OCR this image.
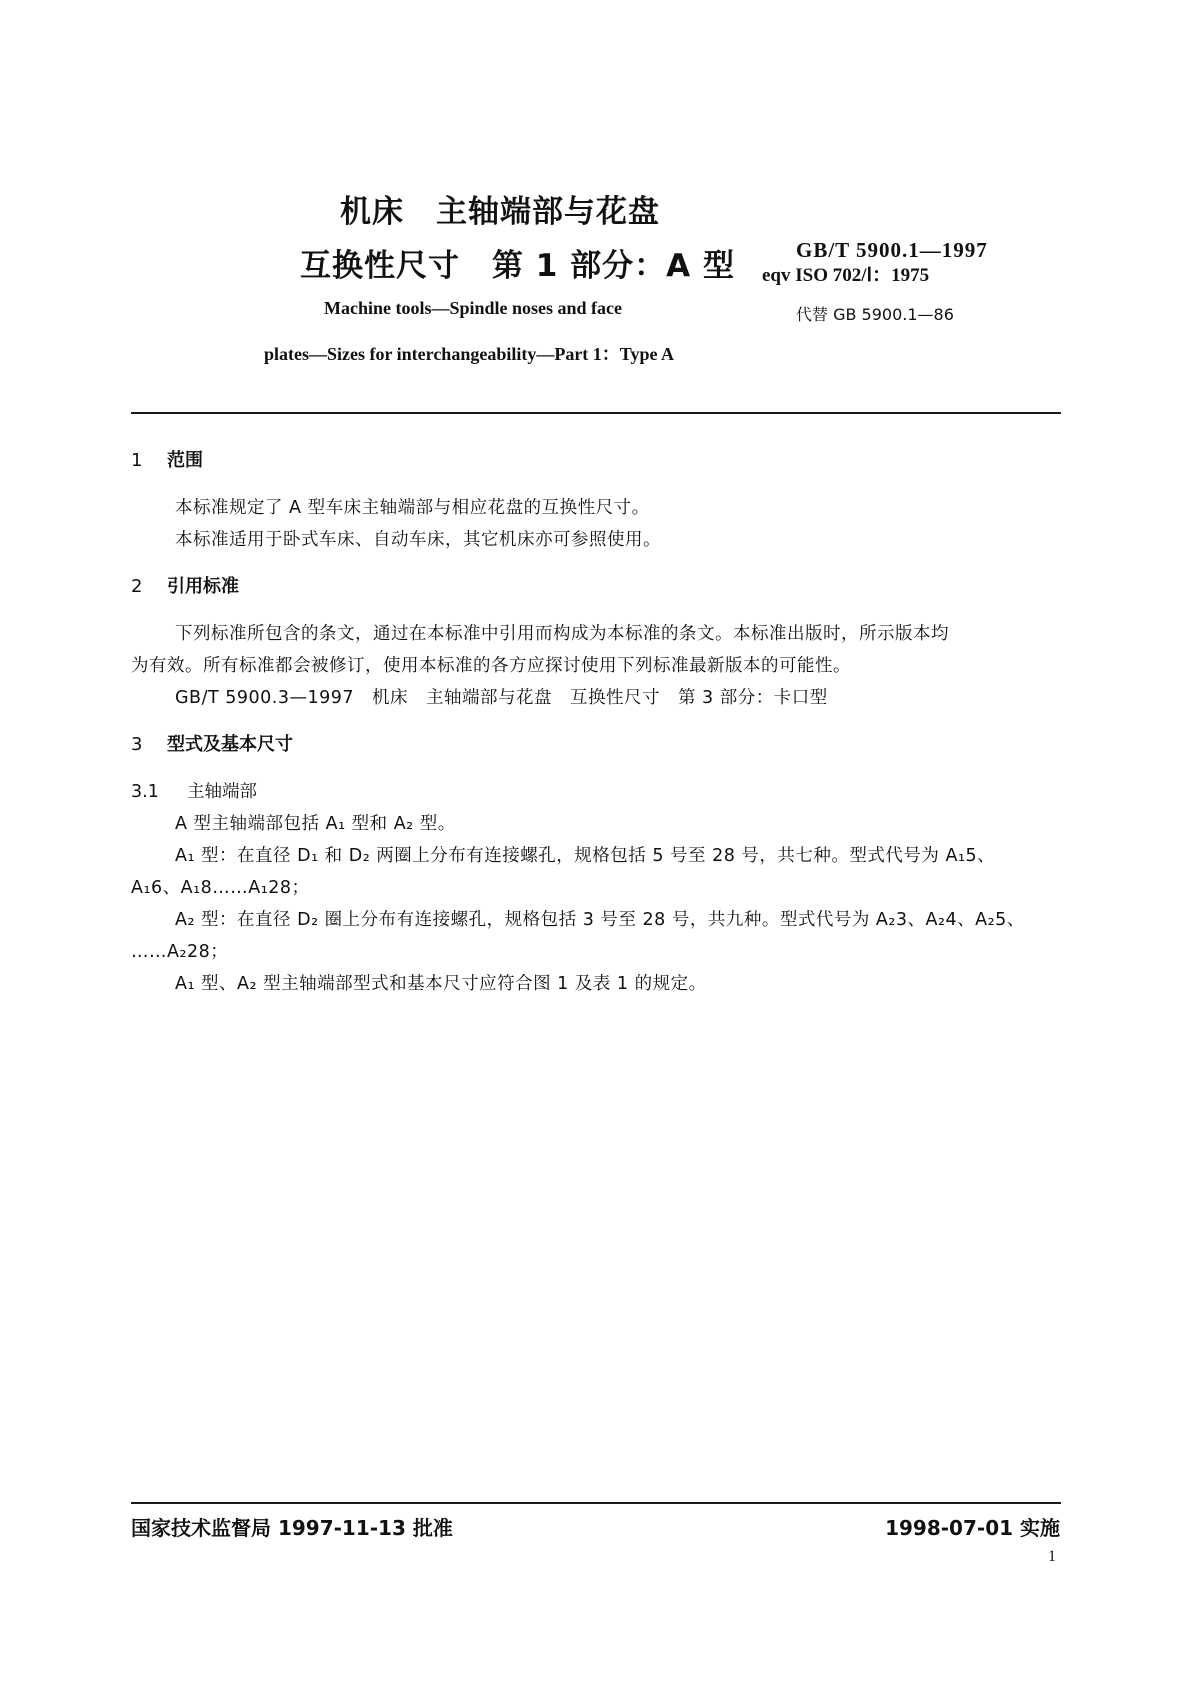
机床　主轴端部与花盘
互换性尺寸　第 1 部分：A 型	GB/T 5900.1—1997
eqv ISO 702/Ⅰ：1975
Machine tools—Spindle noses and face	代替 GB 5900.1—86
plates—Sizes for interchangeability—Part 1：Type A
1 范围
本标准规定了 A 型车床主轴端部与相应花盘的互换性尺寸。
本标准适用于卧式车床、自动车床，其它机床亦可参照使用。
2 引用标准
下列标准所包含的条文，通过在本标准中引用而构成为本标准的条文。本标准出版时，所示版本均
为有效。所有标准都会被修订，使用本标准的各方应探讨使用下列标准最新版本的可能性。
GB/T 5900.3—1997　机床　主轴端部与花盘　互换性尺寸　第 3 部分：卡口型
3 型式及基本尺寸
3.1 主轴端部
A 型主轴端部包括 A₁ 型和 A₂ 型。
A₁ 型：在直径 D₁ 和 D₂ 两圈上分布有连接螺孔，规格包括 5 号至 28 号，共七种。型式代号为 A₁5、
A₁6、A₁8……A₁28；
A₂ 型：在直径 D₂ 圈上分布有连接螺孔，规格包括 3 号至 28 号，共九种。型式代号为 A₂3、A₂4、A₂5、
……A₂28；
A₁ 型、A₂ 型主轴端部型式和基本尺寸应符合图 1 及表 1 的规定。
国家技术监督局 1997-11-13 批准	1998-07-01 实施
1
